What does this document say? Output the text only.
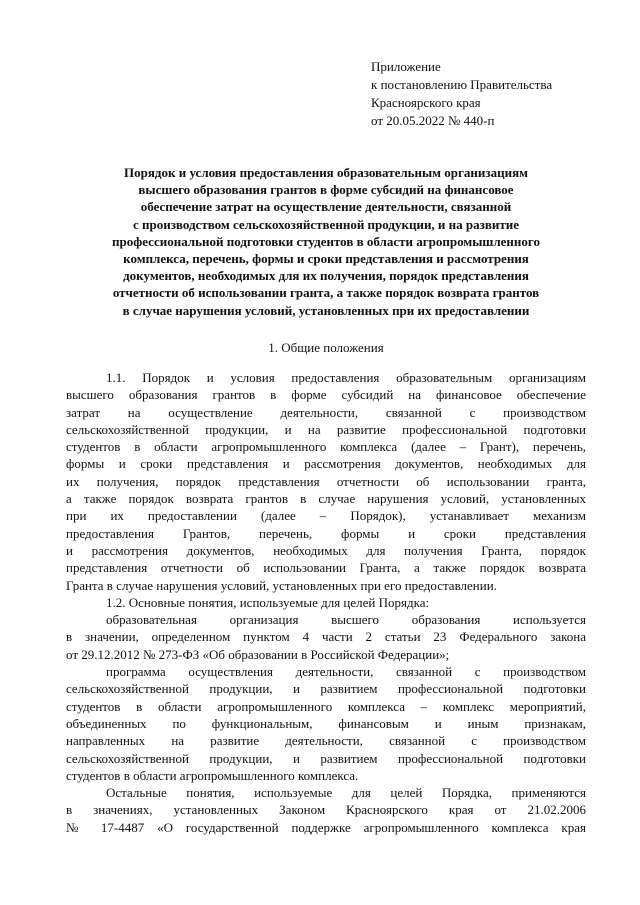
Приложение
к постановлению Правительства
Красноярского края
от 20.05.2022 № 440-п
Порядок и условия предоставления образовательным организациям
высшего образования грантов в форме субсидий на финансовое
обеспечение затрат на осуществление деятельности, связанной
с производством сельскохозяйственной продукции, и на развитие
профессиональной подготовки студентов в области агропромышленного
комплекса, перечень, формы и сроки представления и рассмотрения
документов, необходимых для их получения, порядок представления
отчетности об использовании гранта, а также порядок возврата грантов
в случае нарушения условий, установленных при их предоставлении
1. Общие положения
1.1. Порядок и условия предоставления образовательным организациям
высшего образования грантов в форме субсидий на финансовое обеспечение
затрат на осуществление деятельности, связанной с производством
сельскохозяйственной продукции, и на развитие профессиональной подготовки
студентов в области агропромышленного комплекса (далее – Грант), перечень,
формы и сроки представления и рассмотрения документов, необходимых для
их получения, порядок представления отчетности об использовании гранта,
а также порядок возврата грантов в случае нарушения условий, установленных
при их предоставлении (далее – Порядок), устанавливает механизм
предоставления Грантов, перечень, формы и сроки представления
и рассмотрения документов, необходимых для получения Гранта, порядок
представления отчетности об использовании Гранта, а также порядок возврата
Гранта в случае нарушения условий, установленных при его предоставлении.
1.2. Основные понятия, используемые для целей Порядка:
образовательная организация высшего образования используется
в значении, определенном пунктом 4 части 2 статьи 23 Федерального закона
от 29.12.2012 № 273-ФЗ «Об образовании в Российской Федерации»;
программа осуществления деятельности, связанной с производством
сельскохозяйственной продукции, и развитием профессиональной подготовки
студентов в области агропромышленного комплекса – комплекс мероприятий,
объединенных по функциональным, финансовым и иным признакам,
направленных на развитие деятельности, связанной с производством
сельскохозяйственной продукции, и развитием профессиональной подготовки
студентов в области агропромышленного комплекса.
Остальные понятия, используемые для целей Порядка, применяются
в значениях, установленных Законом Красноярского края от 21.02.2006
№ 17-4487 «О государственной поддержке агропромышленного комплекса края
